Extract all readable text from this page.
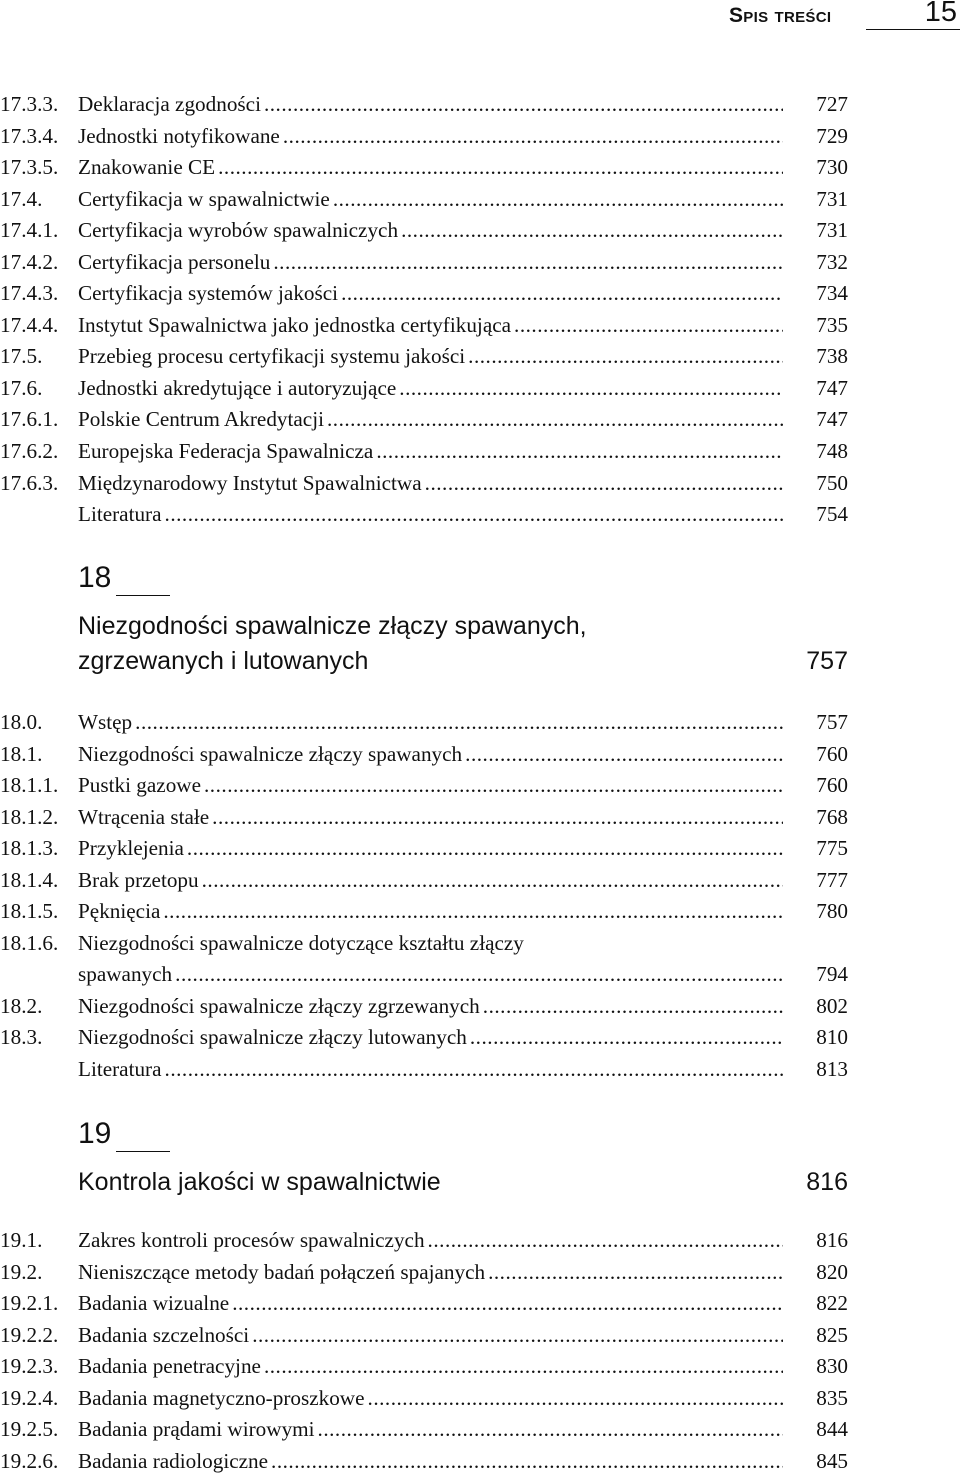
Spis treści	15
17.3.3. Deklaracja zgodności .....	727
17.3.4. Jednostki notyfikowane .....	729
17.3.5. Znakowanie CE .....	730
17.4. Certyfikacja w spawalnictwie .....	731
17.4.1. Certyfikacja wyrobów spawalniczych .....	731
17.4.2. Certyfikacja personelu .....	732
17.4.3. Certyfikacja systemów jakości .....	734
17.4.4. Instytut Spawalnictwa jako jednostka certyfikująca .....	735
17.5. Przebieg procesu certyfikacji systemu jakości .....	738
17.6. Jednostki akredytujące i autoryzujące .....	747
17.6.1. Polskie Centrum Akredytacji .....	747
17.6.2. Europejska Federacja Spawalnicza .....	748
17.6.3. Międzynarodowy Instytut Spawalnictwa .....	750
Literatura .....	754
18
Niezgodności spawalnicze złączy spawanych,
zgrzewanych i lutowanych	757
18.0. Wstęp .....	757
18.1. Niezgodności spawalnicze złączy spawanych .....	760
18.1.1. Pustki gazowe .....	760
18.1.2. Wtrącenia stałe .....	768
18.1.3. Przyklejenia .....	775
18.1.4. Brak przetopu .....	777
18.1.5. Pęknięcia .....	780
18.1.6. Niezgodności spawalnicze dotyczące kształtu złączy
spawanych .....	794
18.2. Niezgodności spawalnicze złączy zgrzewanych .....	802
18.3. Niezgodności spawalnicze złączy lutowanych .....	810
Literatura .....	813
19
Kontrola jakości w spawalnictwie	816
19.1. Zakres kontroli procesów spawalniczych .....	816
19.2. Nieniszczące metody badań połączeń spajanych .....	820
19.2.1. Badania wizualne .....	822
19.2.2. Badania szczelności .....	825
19.2.3. Badania penetracyjne .....	830
19.2.4. Badania magnetyczno-proszkowe .....	835
19.2.5. Badania prądami wirowymi .....	844
19.2.6. Badania radiologiczne .....	845
